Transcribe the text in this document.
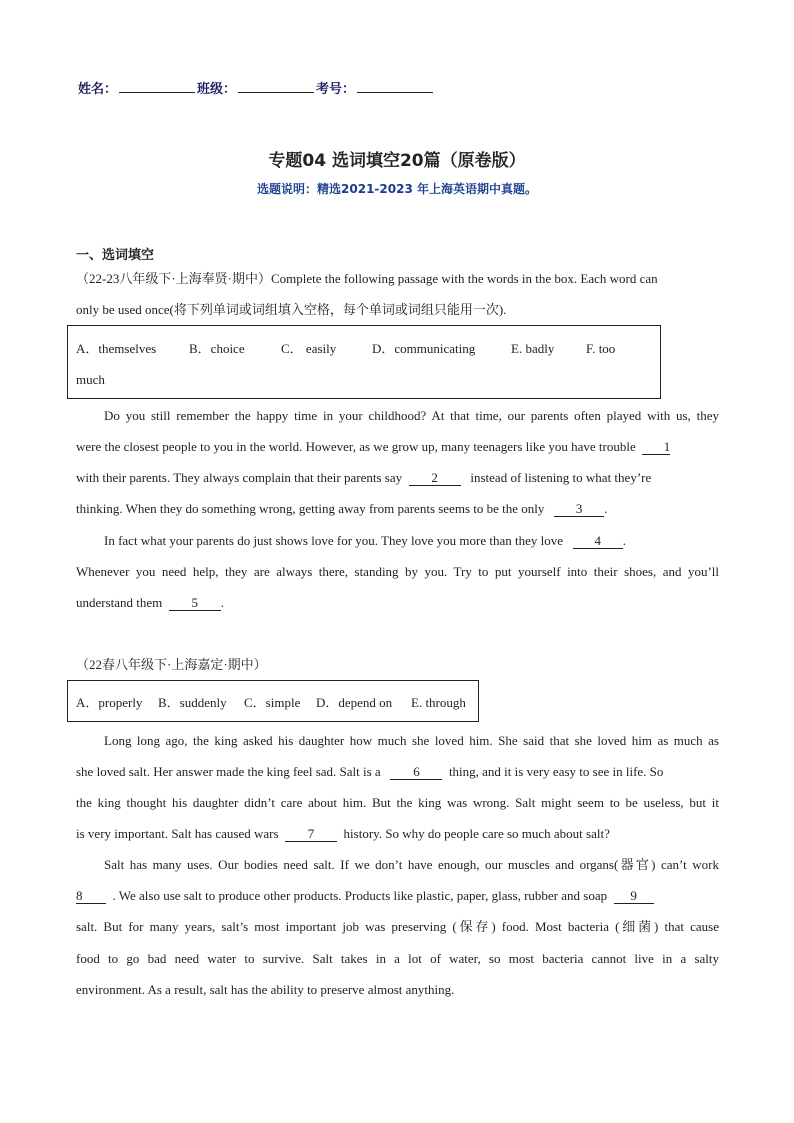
姓名：	班级：	考号：
专题04 选词填空20篇（原卷版）
选题说明：精选2021-2023 年上海英语期中真题。
一、选词填空
（22-23八年级下·上海奉贤·期中）Complete the following passage with the words in the box. Each word can
only be used once(将下列单词或词组填入空格，每个单词或词组只能用一次).
A．themselves	B．choice	C． easily	D．communicating	E. badly F. too
much
Do you still remember the happy time in your childhood? At that time, our parents often played with us, they
were the closest people to you in the world. However, as we grow up, many teenagers like you have trouble 1
with their parents. They always complain that their parents say 2	instead of listening to what they’re
thinking. When they do something wrong, getting away from parents seems to be the only 3 .
In fact what your parents do just shows love for you. They love you more than they love 4 .
Whenever you need help, they are always there, standing by you. Try to put yourself into their shoes, and you’ll
understand them 5 .
（22春八年级下·上海嘉定·期中）
A．properly B．suddenly C．simple D．depend on E. through
Long long ago, the king asked his daughter how much she loved him. She said that she loved him as much as
she loved salt. Her answer made the king feel sad. Salt is a	6 thing, and it is very easy to see in life. So
the king thought his daughter didn’t care about him. But the king was wrong. Salt might seem to be useless, but it
is very important. Salt has caused wars 7 history. So why do people care so much about salt?
Salt has many uses. Our bodies need salt. If we don’t have enough, our muscles and organs(器官) can’t work
8 . We also use salt to produce other products. Products like plastic, paper, glass, rubber and soap 9
salt. But for many years, salt’s most important job was preserving (保存) food. Most bacteria (细菌) that cause
food to go bad need water to survive. Salt takes in a lot of water, so most bacteria cannot live in a salty
environment. As a result, salt has the ability to preserve almost anything.
